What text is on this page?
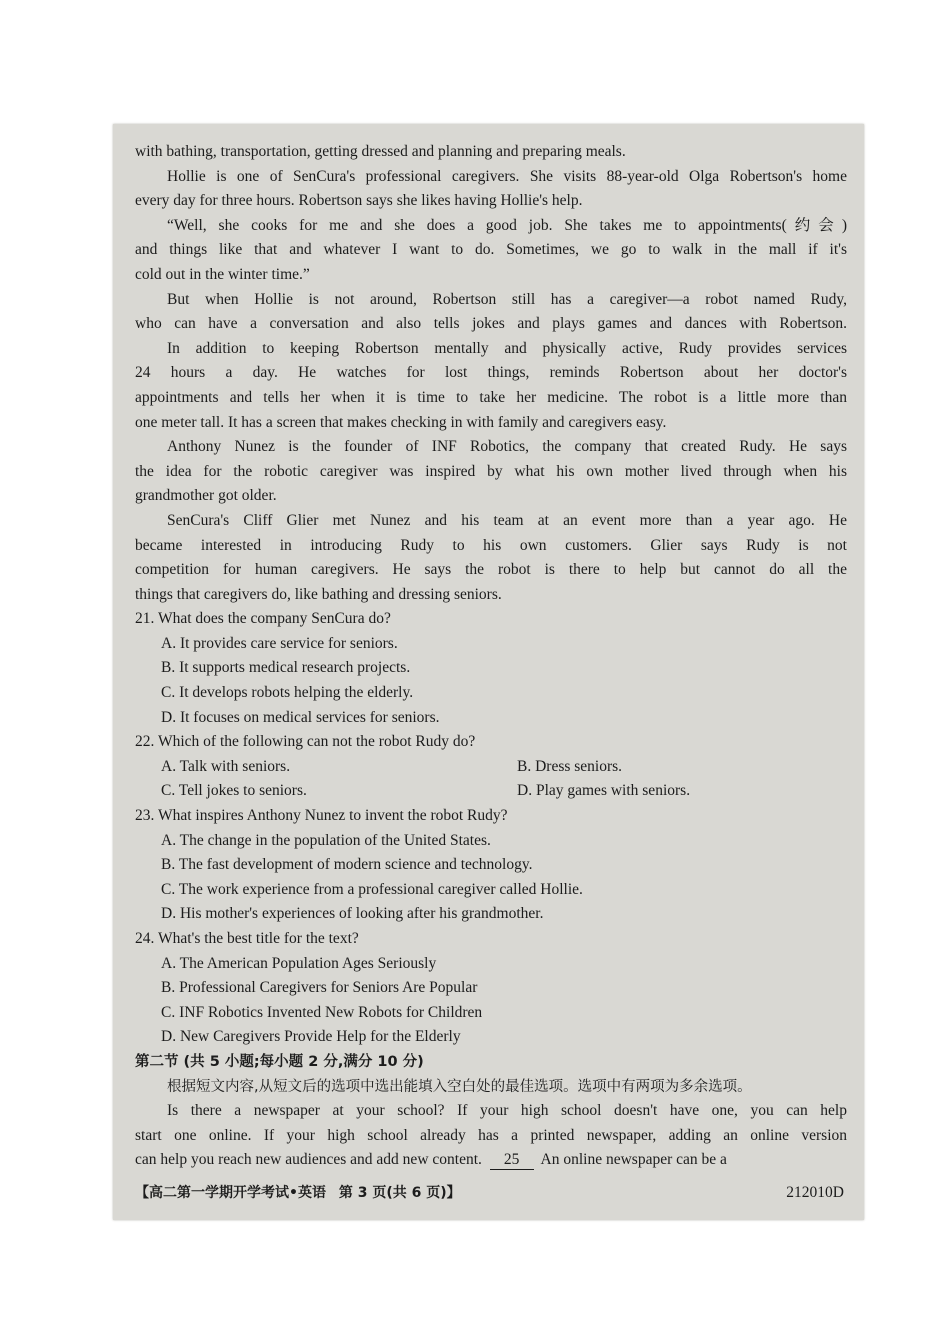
with bathing, transportation, getting dressed and planning and preparing meals.
Hollie is one of SenCura's professional caregivers. She visits 88-year-old Olga Robertson's home
every day for three hours. Robertson says she likes having Hollie's help.
“Well, she cooks for me and she does a good job. She takes me to appointments(约会)
and things like that and whatever I want to do. Sometimes, we go to walk in the mall if it's
cold out in the winter time.”
But when Hollie is not around, Robertson still has a caregiver—a robot named Rudy,
who can have a conversation and also tells jokes and plays games and dances with Robertson.
In addition to keeping Robertson mentally and physically active, Rudy provides services
24 hours a day. He watches for lost things, reminds Robertson about her doctor's
appointments and tells her when it is time to take her medicine. The robot is a little more than
one meter tall. It has a screen that makes checking in with family and caregivers easy.
Anthony Nunez is the founder of INF Robotics, the company that created Rudy. He says
the idea for the robotic caregiver was inspired by what his own mother lived through when his
grandmother got older.
SenCura's Cliff Glier met Nunez and his team at an event more than a year ago. He
became interested in introducing Rudy to his own customers. Glier says Rudy is not
competition for human caregivers. He says the robot is there to help but cannot do all the
things that caregivers do, like bathing and dressing seniors.
21. What does the company SenCura do?
A. It provides care service for seniors.
B. It supports medical research projects.
C. It develops robots helping the elderly.
D. It focuses on medical services for seniors.
22. Which of the following can not the robot Rudy do?
A. Talk with seniors.	B. Dress seniors.
C. Tell jokes to seniors.	D. Play games with seniors.
23. What inspires Anthony Nunez to invent the robot Rudy?
A. The change in the population of the United States.
B. The fast development of modern science and technology.
C. The work experience from a professional caregiver called Hollie.
D. His mother's experiences of looking after his grandmother.
24. What's the best title for the text?
A. The American Population Ages Seriously
B. Professional Caregivers for Seniors Are Popular
C. INF Robotics Invented New Robots for Children
D. New Caregivers Provide Help for the Elderly
第二节 (共 5 小题;每小题 2 分,满分 10 分)
根据短文内容,从短文后的选项中选出能填入空白处的最佳选项。选项中有两项为多余选项。
Is there a newspaper at your school? If your high school doesn't have one, you can help
start one online. If your high school already has a printed newspaper, adding an online version
can help you reach new audiences and add new content. 25 An online newspaper can be a
【高二第一学期开学考试•英语 第 3 页(共 6 页)】	212010D
